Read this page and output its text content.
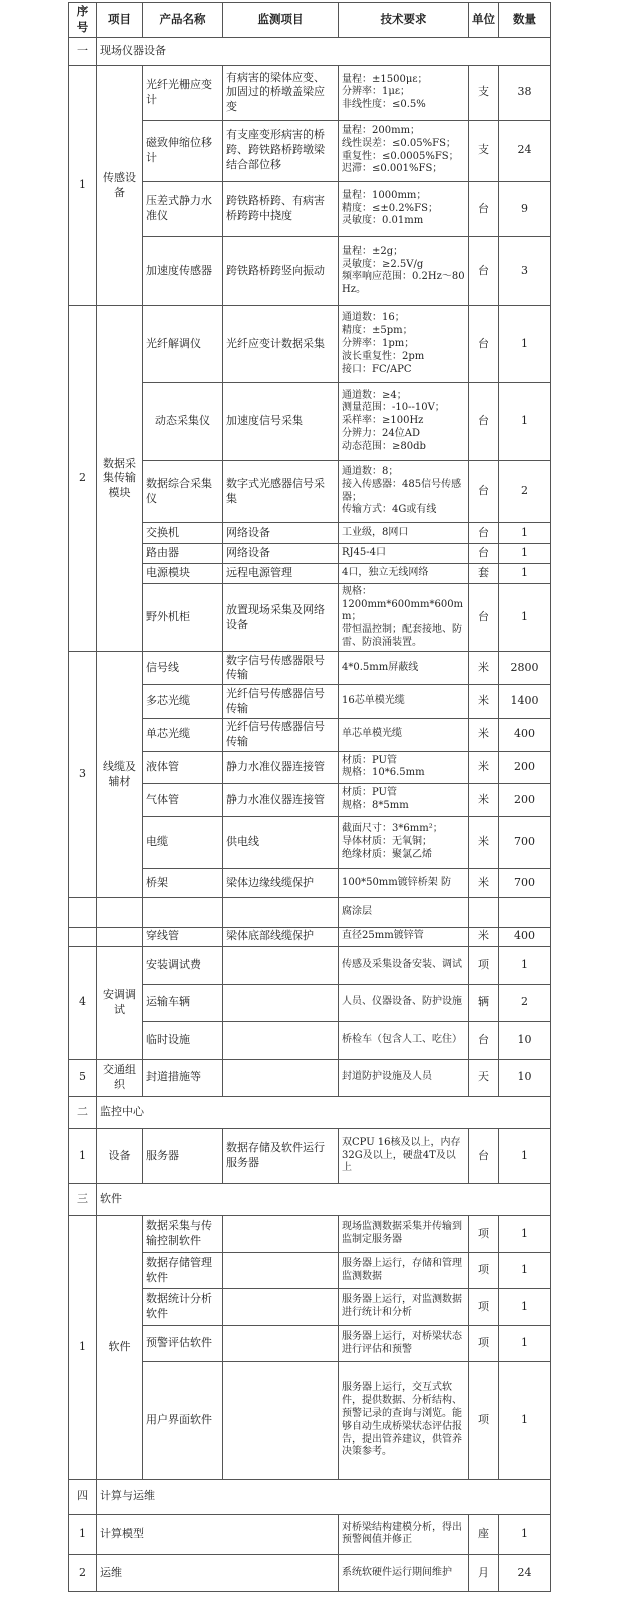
序号	项目	产品名称	监测项目	技术要求	单位	数量
一	现场仪器设备					
1	传感设备	光纤光栅应变计	有病害的梁体应变、加固过的桥墩盖梁应变	量程：±1500με；
分辨率：1με；
非线性度：≤0.5%	支	38
		磁致伸缩位移计	有支座变形病害的桥跨、跨铁路桥跨墩梁结合部位移	量程：200mm；
线性误差：≤0.05%FS；
重复性：≤0.0005%FS；
迟滞：≤0.001%FS；	支	24
		压差式静力水准仪	跨铁路桥跨、有病害桥跨跨中挠度	量程：1000mm；
精度：≤±0.2%FS；
灵敏度：0.01mm	台	9
		加速度传感器	跨铁路桥跨竖向振动	量程：±2g；
灵敏度：≥2.5V/g
频率响应范围：0.2Hz～80Hz。	台	3
2	数据采集传输模块	光纤解调仪	光纤应变计数据采集	通道数：16；
精度：±5pm；
分辨率：1pm；
波长重复性：2pm
接口：FC/APC	台	1
		动态采集仪	加速度信号采集	通道数：≥4；
测量范围：-10--10V；
采样率：≥100Hz
分辨力：24位AD
动态范围：≥80db	台	1
		数据综合采集仪	数字式光感器信号采集	通道数：8；
接入传感器：485信号传感器；
传输方式：4G或有线	台	2
		交换机	网络设备	工业级，8网口	台	1
		路由器	网络设备	RJ45-4口	台	1
		电源模块	远程电源管理	4口，独立无线网络	套	1
		野外机柜	放置现场采集及网络设备	规格：
1200mm*600mm*600mm；
带恒温控制；配套接地、防雷、防浪涌装置。	台	1
3	线缆及辅材	信号线	数字信号传感器限号传输	4*0.5mm屏蔽线	米	2800
		多芯光缆	光纤信号传感器信号传输	16芯单模光缆	米	1400
		单芯光缆	光纤信号传感器信号传输	单芯单模光缆	米	400
		液体管	静力水准仪器连接管	材质：PU管
规格：10*6.5mm	米	200
		气体管	静力水准仪器连接管	材质：PU管
规格：8*5mm	米	200
		电缆	供电线	截面尺寸：3*6mm²；
导体材质：无氧铜；
绝缘材质：聚氯乙烯	米	700
		桥架	梁体边缘线缆保护	100*50mm镀锌桥架 防	米	700
				腐涂层		
		穿线管	梁体底部线缆保护	直径25mm镀锌管	米	400
4	安调调试	安装调试费		传感及采集设备安装、调试	项	1
		运输车辆		人员、仪器设备、防护设施	辆	2
		临时设施		桥检车（包含人工、吃住）	台	10
5	交通组织	封道措施等		封道防护设施及人员	天	10
二	监控中心					
1	设备	服务器	数据存储及软件运行服务器	双CPU 16核及以上，内存32G及以上，硬盘4T及以上	台	1
三	软件					
1	软件	数据采集与传输控制软件		现场监测数据采集并传输到监制定服务器	项	1
		数据存储管理软件		服务器上运行，存储和管理监测数据	项	1
		数据统计分析软件		服务器上运行，对监测数据进行统计和分析	项	1
		预警评估软件		服务器上运行，对桥梁状态进行评估和预警	项	1
		用户界面软件		服务器上运行，交互式软件，提供数据、分析结构、预警记录的查询与浏览。能够自动生成桥梁状态评估报告，提出管养建议，供管养决策参考。	项	1
四	计算与运维					
1	计算模型			对桥梁结构建模分析，得出预警阀值并修正	座	1
2	运维			系统软硬件运行期间维护	月	24
